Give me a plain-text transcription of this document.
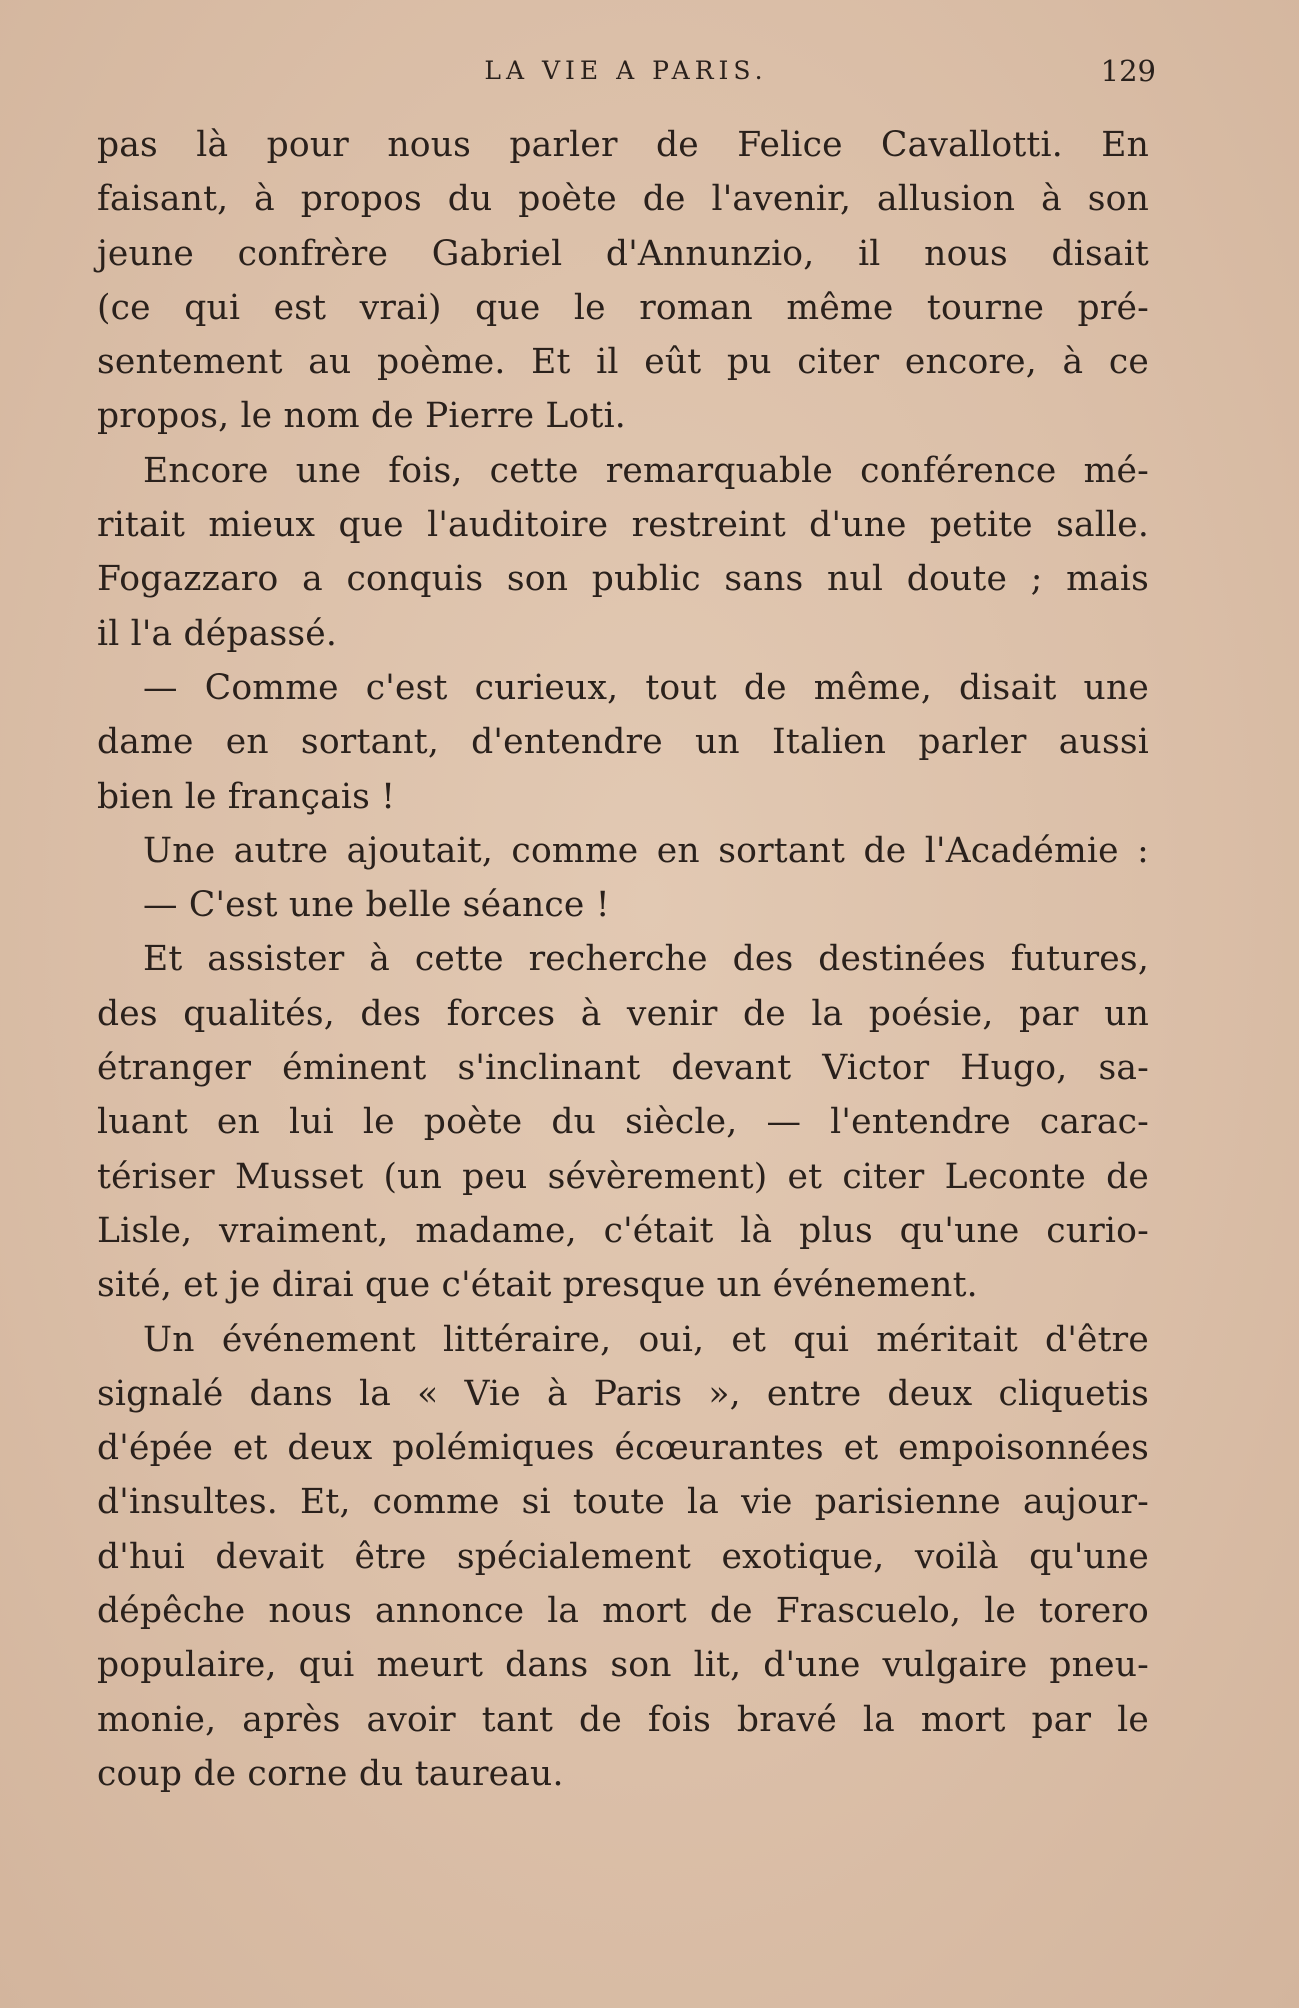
LA VIE A PARIS.	129
pas là pour nous parler de Felice Cavallotti. En
faisant, à propos du poète de l'avenir, allusion à son
jeune confrère Gabriel d'Annunzio, il nous disait
(ce qui est vrai) que le roman même tourne pré-
sentement au poème. Et il eût pu citer encore, à ce
propos, le nom de Pierre Loti.
Encore une fois, cette remarquable conférence mé-
ritait mieux que l'auditoire restreint d'une petite salle.
Fogazzaro a conquis son public sans nul doute ; mais
il l'a dépassé.
— Comme c'est curieux, tout de même, disait une
dame en sortant, d'entendre un Italien parler aussi
bien le français !
Une autre ajoutait, comme en sortant de l'Académie :
— C'est une belle séance !
Et assister à cette recherche des destinées futures,
des qualités, des forces à venir de la poésie, par un
étranger éminent s'inclinant devant Victor Hugo, sa-
luant en lui le poète du siècle, — l'entendre carac-
tériser Musset (un peu sévèrement) et citer Leconte de
Lisle, vraiment, madame, c'était là plus qu'une curio-
sité, et je dirai que c'était presque un événement.
Un événement littéraire, oui, et qui méritait d'être
signalé dans la « Vie à Paris », entre deux cliquetis
d'épée et deux polémiques écœurantes et empoisonnées
d'insultes. Et, comme si toute la vie parisienne aujour-
d'hui devait être spécialement exotique, voilà qu'une
dépêche nous annonce la mort de Frascuelo, le torero
populaire, qui meurt dans son lit, d'une vulgaire pneu-
monie, après avoir tant de fois bravé la mort par le
coup de corne du taureau.
